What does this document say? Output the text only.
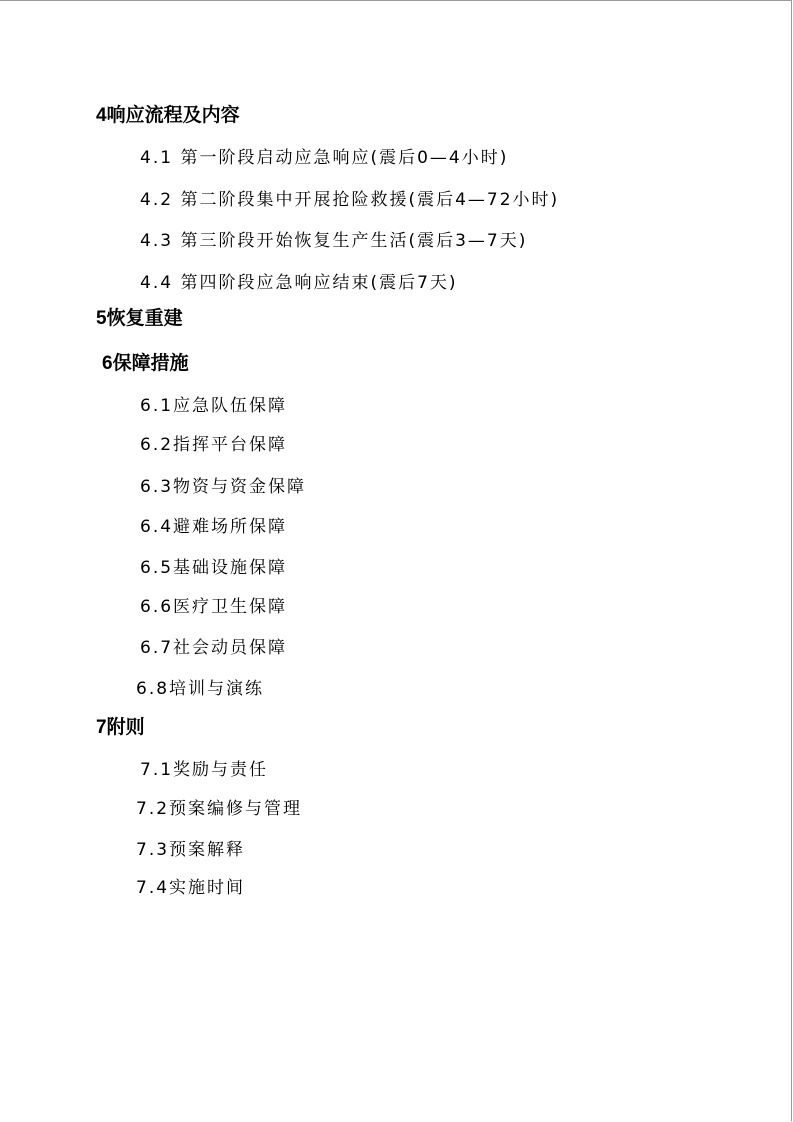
4响应流程及内容
4.1 第一阶段启动应急响应(震后0—4小时)
4.2 第二阶段集中开展抢险救援(震后4—72小时)
4.3 第三阶段开始恢复生产生活(震后3—7天)
4.4 第四阶段应急响应结束(震后7天)
5恢复重建
6保障措施
6.1应急队伍保障
6.2指挥平台保障
6.3物资与资金保障
6.4避难场所保障
6.5基础设施保障
6.6医疗卫生保障
6.7社会动员保障
6.8培训与演练
7附则
7.1奖励与责任
7.2预案编修与管理
7.3预案解释
7.4实施时间
